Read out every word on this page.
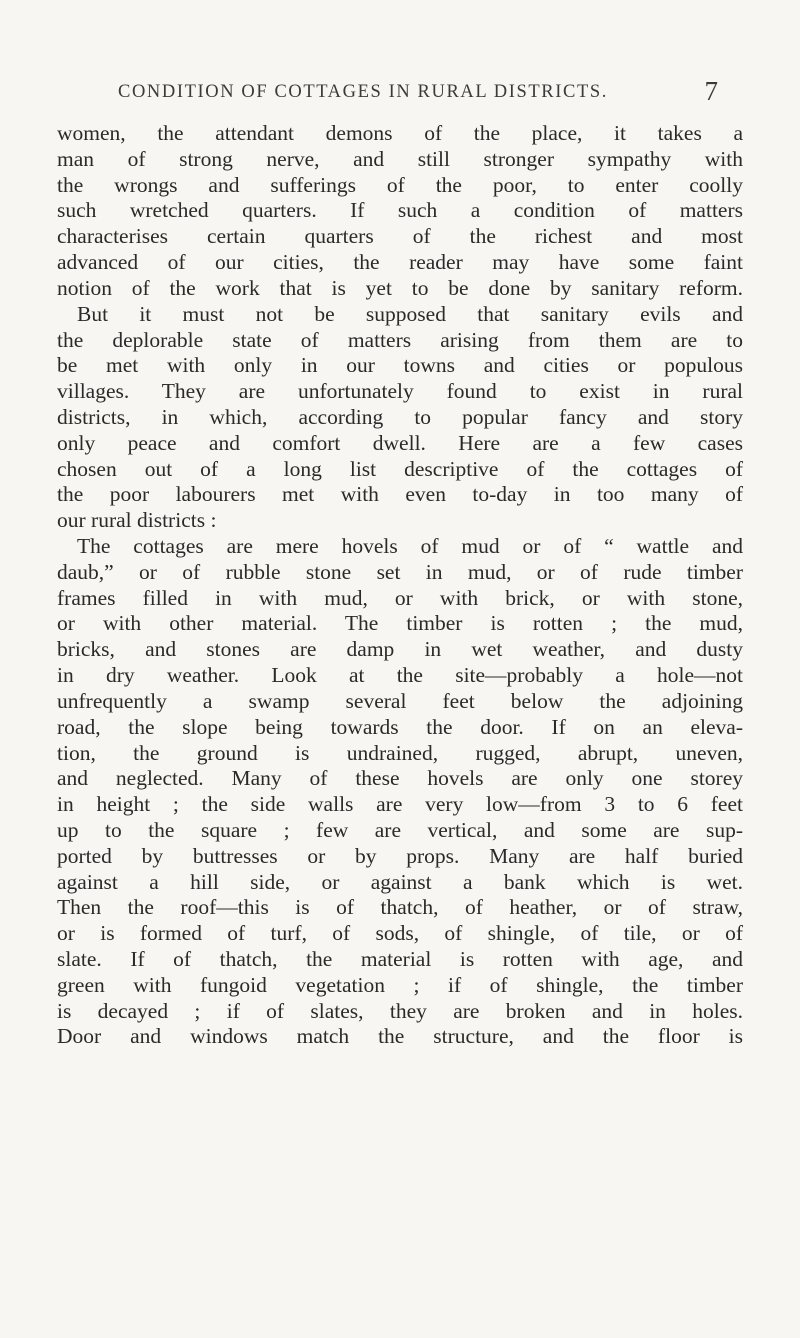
CONDITION OF COTTAGES IN RURAL DISTRICTS.	7
women, the attendant demons of the place, it takes a
man of strong nerve, and still stronger sympathy with
the wrongs and sufferings of the poor, to enter coolly
such wretched quarters. If such a condition of matters
characterises certain quarters of the richest and most
advanced of our cities, the reader may have some faint
notion of the work that is yet to be done by sanitary reform.
But it must not be supposed that sanitary evils and
the deplorable state of matters arising from them are to
be met with only in our towns and cities or populous
villages. They are unfortunately found to exist in rural
districts, in which, according to popular fancy and story
only peace and comfort dwell. Here are a few cases
chosen out of a long list descriptive of the cottages of
the poor labourers met with even to-day in too many of
our rural districts :
The cottages are mere hovels of mud or of “ wattle and
daub,” or of rubble stone set in mud, or of rude timber
frames filled in with mud, or with brick, or with stone,
or with other material. The timber is rotten ; the mud,
bricks, and stones are damp in wet weather, and dusty
in dry weather. Look at the site—probably a hole—not
unfrequently a swamp several feet below the adjoining
road, the slope being towards the door. If on an eleva-
tion, the ground is undrained, rugged, abrupt, uneven,
and neglected. Many of these hovels are only one storey
in height ; the side walls are very low—from 3 to 6 feet
up to the square ; few are vertical, and some are sup-
ported by buttresses or by props. Many are half buried
against a hill side, or against a bank which is wet.
Then the roof—this is of thatch, of heather, or of straw,
or is formed of turf, of sods, of shingle, of tile, or of
slate. If of thatch, the material is rotten with age, and
green with fungoid vegetation ; if of shingle, the timber
is decayed ; if of slates, they are broken and in holes.
Door and windows match the structure, and the floor is
